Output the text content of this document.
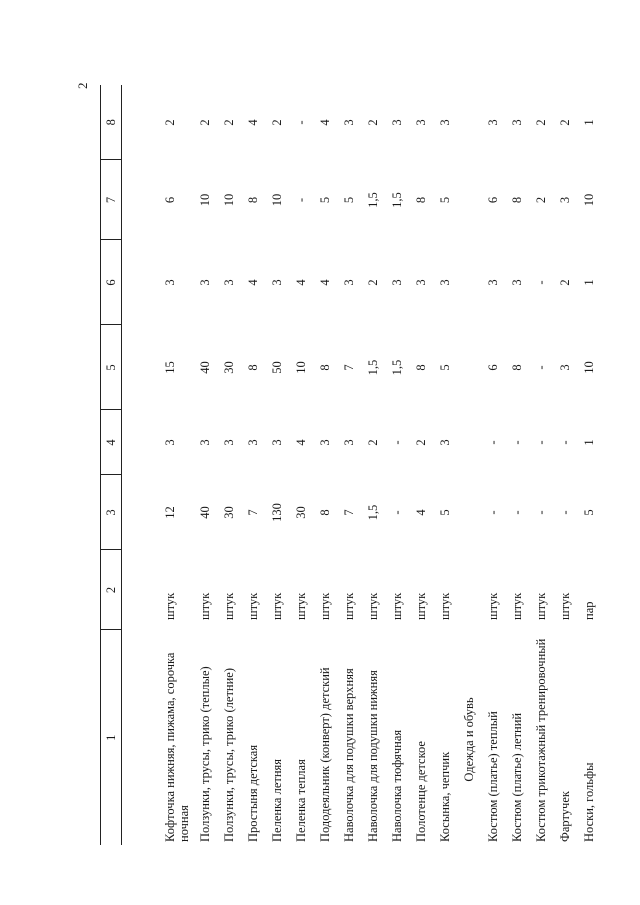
2
1	2	3	4	5	6	7	8
Кофточка нижняя, пижама, сорочка ночная	штук	12	3	15	3	6	2
Ползунки, трусы, трико (теплые)	штук	40	3	40	3	10	2
Ползунки, трусы, трико (летние)	штук	30	3	30	3	10	2
Простыня детская	штук	7	3	8	4	8	4
Пеленка летняя	штук	130	3	50	3	10	2
Пеленка теплая	штук	30	4	10	4	-	-
Пододеяльник (конверт) детский	штук	8	3	8	4	5	4
Наволочка для подушки верхняя	штук	7	3	7	3	5	3
Наволочка для подушки нижняя	штук	1,5	2	1,5	2	1,5	2
Наволочка тюфячная	штук	-	-	1,5	3	1,5	3
Полотенце детское	штук	4	2	8	3	8	3
Косынка, чепчик	штук	5	3	5	3	5	3
Одежда и обувь							
Костюм (платье) теплый	штук	-	-	6	3	6	3
Костюм (платье) летний	штук	-	-	8	3	8	3
Костюм трикотажный тренировочный	штук	-	-	-	-	2	2
Фартучек	штук	-	-	3	2	3	2
Носки, гольфы	пар	5	1	10	1	10	1
